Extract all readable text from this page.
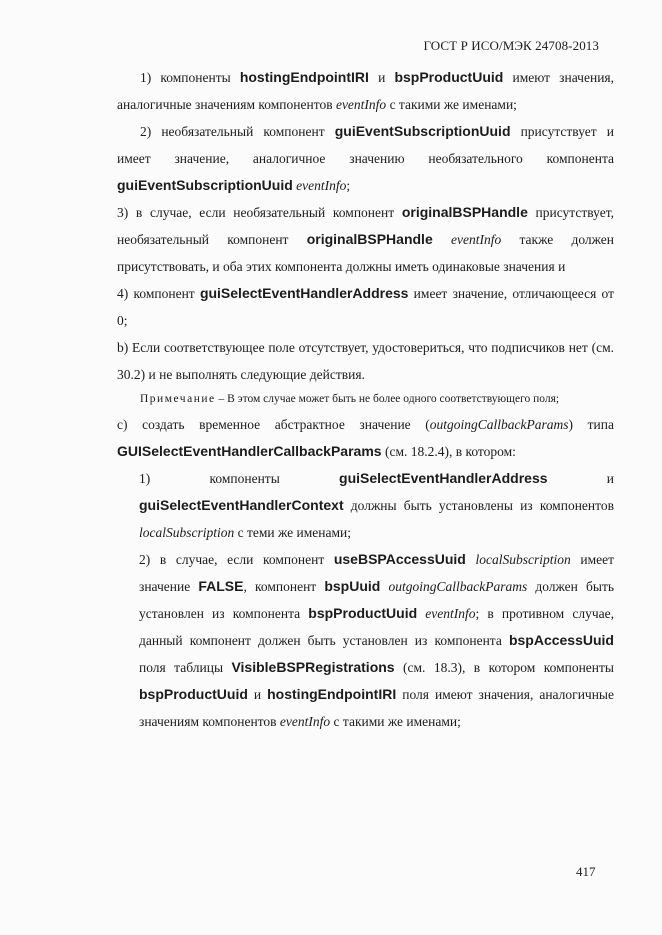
ГОСТ Р ИСО/МЭК 24708-2013

1) компоненты hostingEndpointIRI и bspProductUuid имеют значения, аналогичные значениям компонентов eventInfo с такими же именами;

2) необязательный компонент guiEventSubscriptionUuid присутствует и имеет значение, аналогичное значению необязательного компонента guiEventSubscriptionUuid eventInfo;

3) в случае, если необязательный компонент originalBSPHandle присутствует, необязательный компонент originalBSPHandle eventInfo также должен присутствовать, и оба этих компонента должны иметь одинаковые значения и

4) компонент guiSelectEventHandlerAddress имеет значение, отличающееся от 0;

b) Если соответствующее поле отсутствует, удостовериться, что подписчиков нет (см. 30.2) и не выполнять следующие действия.

Примечание – В этом случае может быть не более одного соответствующего поля;

c) создать временное абстрактное значение (outgoingCallbackParams) типа GUISelectEventHandlerCallbackParams (см. 18.2.4), в котором:

1) компоненты guiSelectEventHandlerAddress и guiSelectEventHandlerContext должны быть установлены из компонентов localSubscription с теми же именами;

2) в случае, если компонент useBSPAccessUuid localSubscription имеет значение FALSE, компонент bspUuid outgoingCallbackParams должен быть установлен из компонента bspProductUuid eventInfo; в противном случае, данный компонент должен быть установлен из компонента bspAccessUuid поля таблицы VisibleBSPRegistrations (см. 18.3), в котором компоненты bspProductUuid и hostingEndpointIRI поля имеют значения, аналогичные значениям компонентов eventInfo с такими же именами;

417
